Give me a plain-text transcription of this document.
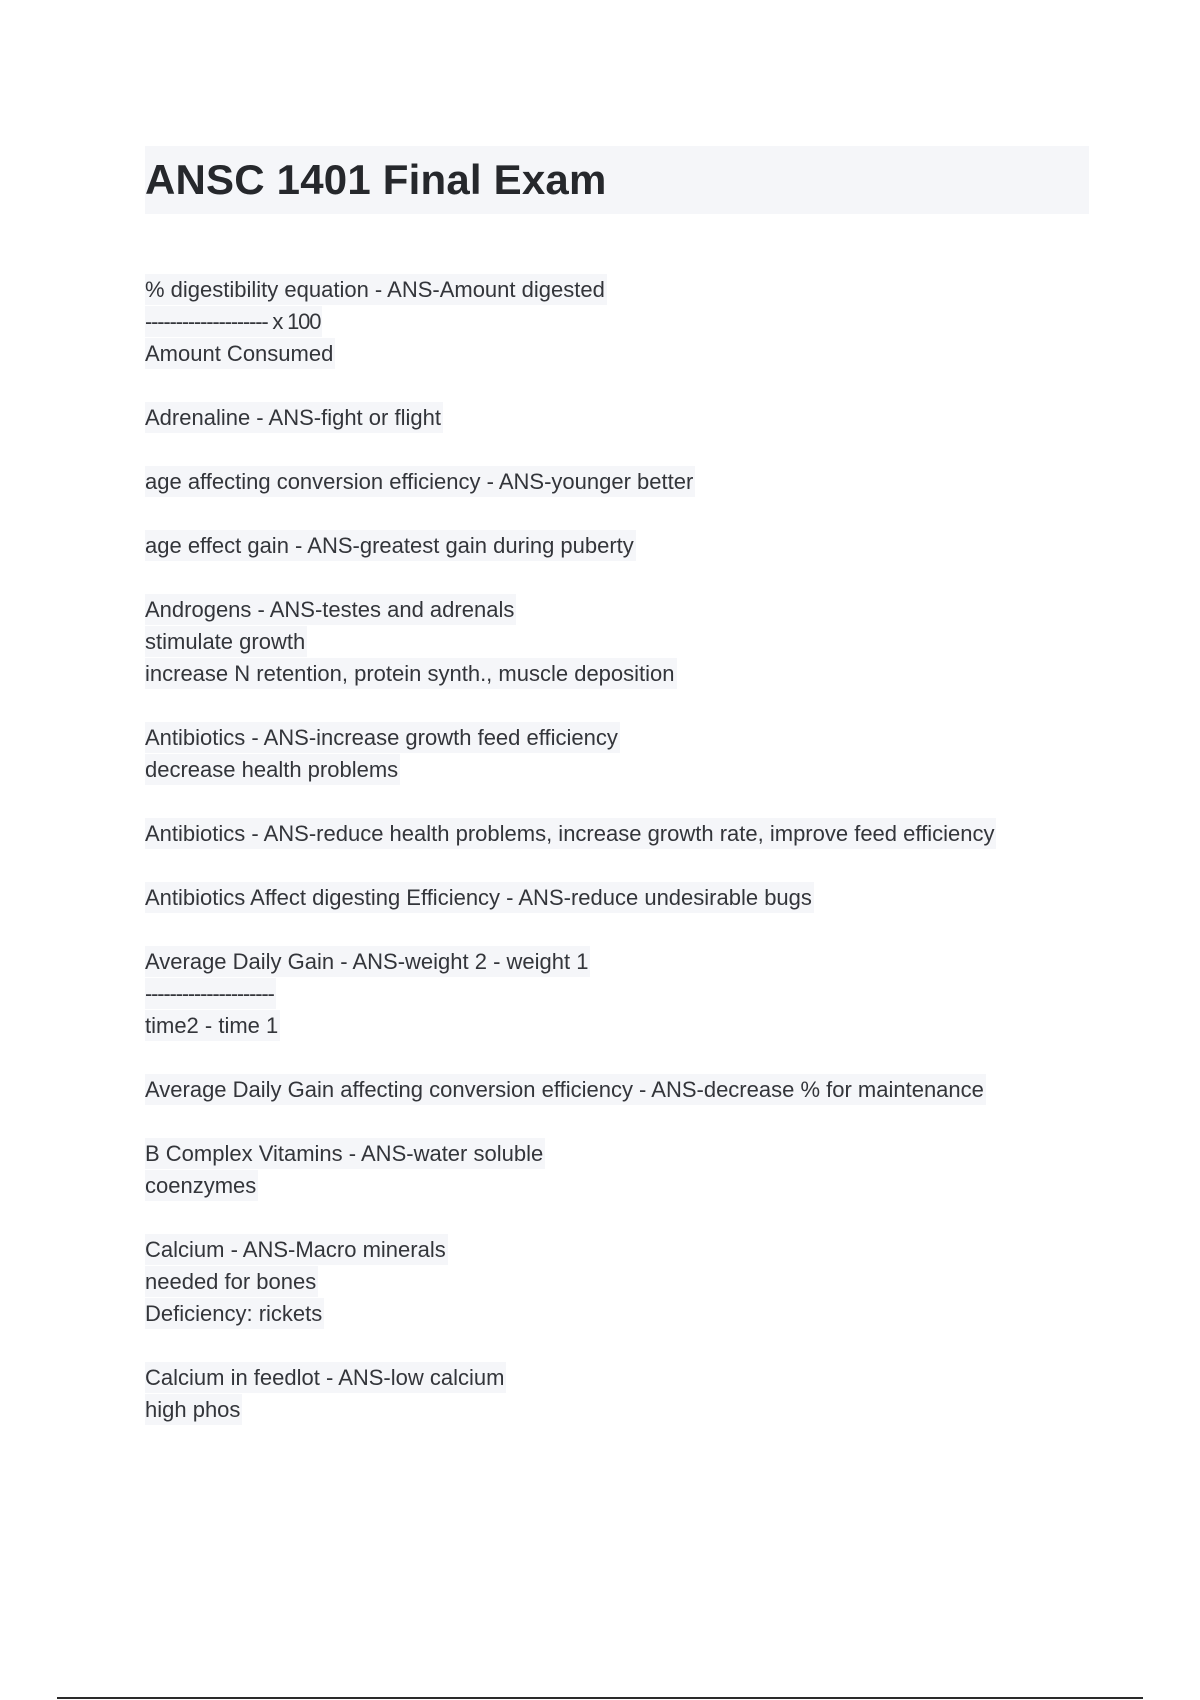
ANSC 1401 Final Exam
% digestibility equation - ANS-Amount digested
-------------------- x 100
Amount Consumed
Adrenaline - ANS-fight or flight
age affecting conversion efficiency - ANS-younger better
age effect gain - ANS-greatest gain during puberty
Androgens - ANS-testes and adrenals
stimulate growth
increase N retention, protein synth., muscle deposition
Antibiotics - ANS-increase growth feed efficiency
decrease health problems
Antibiotics - ANS-reduce health problems, increase growth rate, improve feed efficiency
Antibiotics Affect digesting Efficiency - ANS-reduce undesirable bugs
Average Daily Gain - ANS-weight 2 - weight 1
---------------------
time2 - time 1
Average Daily Gain affecting conversion efficiency - ANS-decrease % for maintenance
B Complex Vitamins - ANS-water soluble
coenzymes
Calcium - ANS-Macro minerals
needed for bones
Deficiency: rickets
Calcium in feedlot - ANS-low calcium
high phos
